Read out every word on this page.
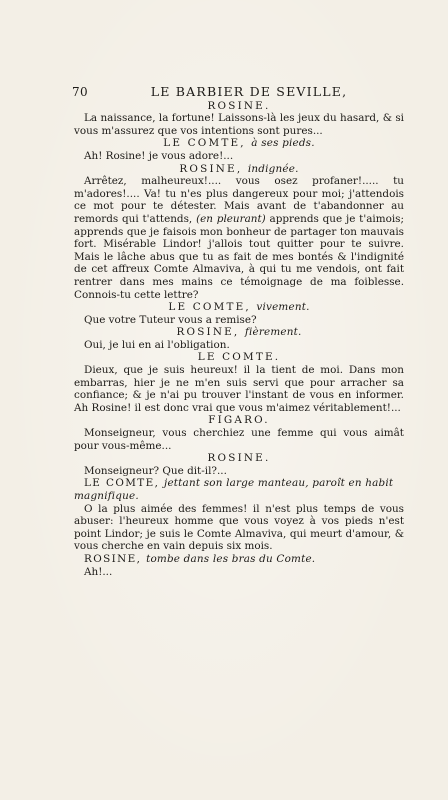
70	LE BARBIER DE SEVILLE,

ROSINE.

La naissance, la fortune! Laissons-là les jeux du hasard, & si vous m'assurez que vos intentions sont pures...

LE COMTE, à ses pieds.

Ah! Rosine! je vous adore!...

ROSINE, indignée.

Arrêtez, malheureux!.... vous osez profaner!..... tu m'adores!.... Va! tu n'es plus dangereux pour moi; j'attendois ce mot pour te détester. Mais avant de t'abandonner au remords qui t'attends, (en pleurant) apprends que je t'aimois; apprends que je faisois mon bonheur de partager ton mauvais fort. Misérable Lindor! j'allois tout quitter pour te suivre. Mais le lâche abus que tu as fait de mes bontés & l'indignité de cet affreux Comte Almaviva, à qui tu me vendois, ont fait rentrer dans mes mains ce témoignage de ma foiblesse. Connois-tu cette lettre?

LE COMTE, vivement.

Que votre Tuteur vous a remise?

ROSINE, fièrement.

Oui, je lui en ai l'obligation.

LE COMTE.

Dieux, que je suis heureux! il la tient de moi. Dans mon embarras, hier je ne m'en suis servi que pour arracher sa confiance; & je n'ai pu trouver l'instant de vous en informer. Ah Rosine! il est donc vrai que vous m'aimez véritablement!...

FIGARO.

Monseigneur, vous cherchiez une femme qui vous aimât pour vous-même...

ROSINE.

Monseigneur? Que dit-il?...

LE COMTE, jettant son large manteau, paroît en habit magnifique.

O la plus aimée des femmes! il n'est plus temps de vous abuser: l'heureux homme que vous voyez à vos pieds n'est point Lindor; je suis le Comte Almaviva, qui meurt d'amour, & vous cherche en vain depuis six mois.

ROSINE, tombe dans les bras du Comte.

Ah!...
